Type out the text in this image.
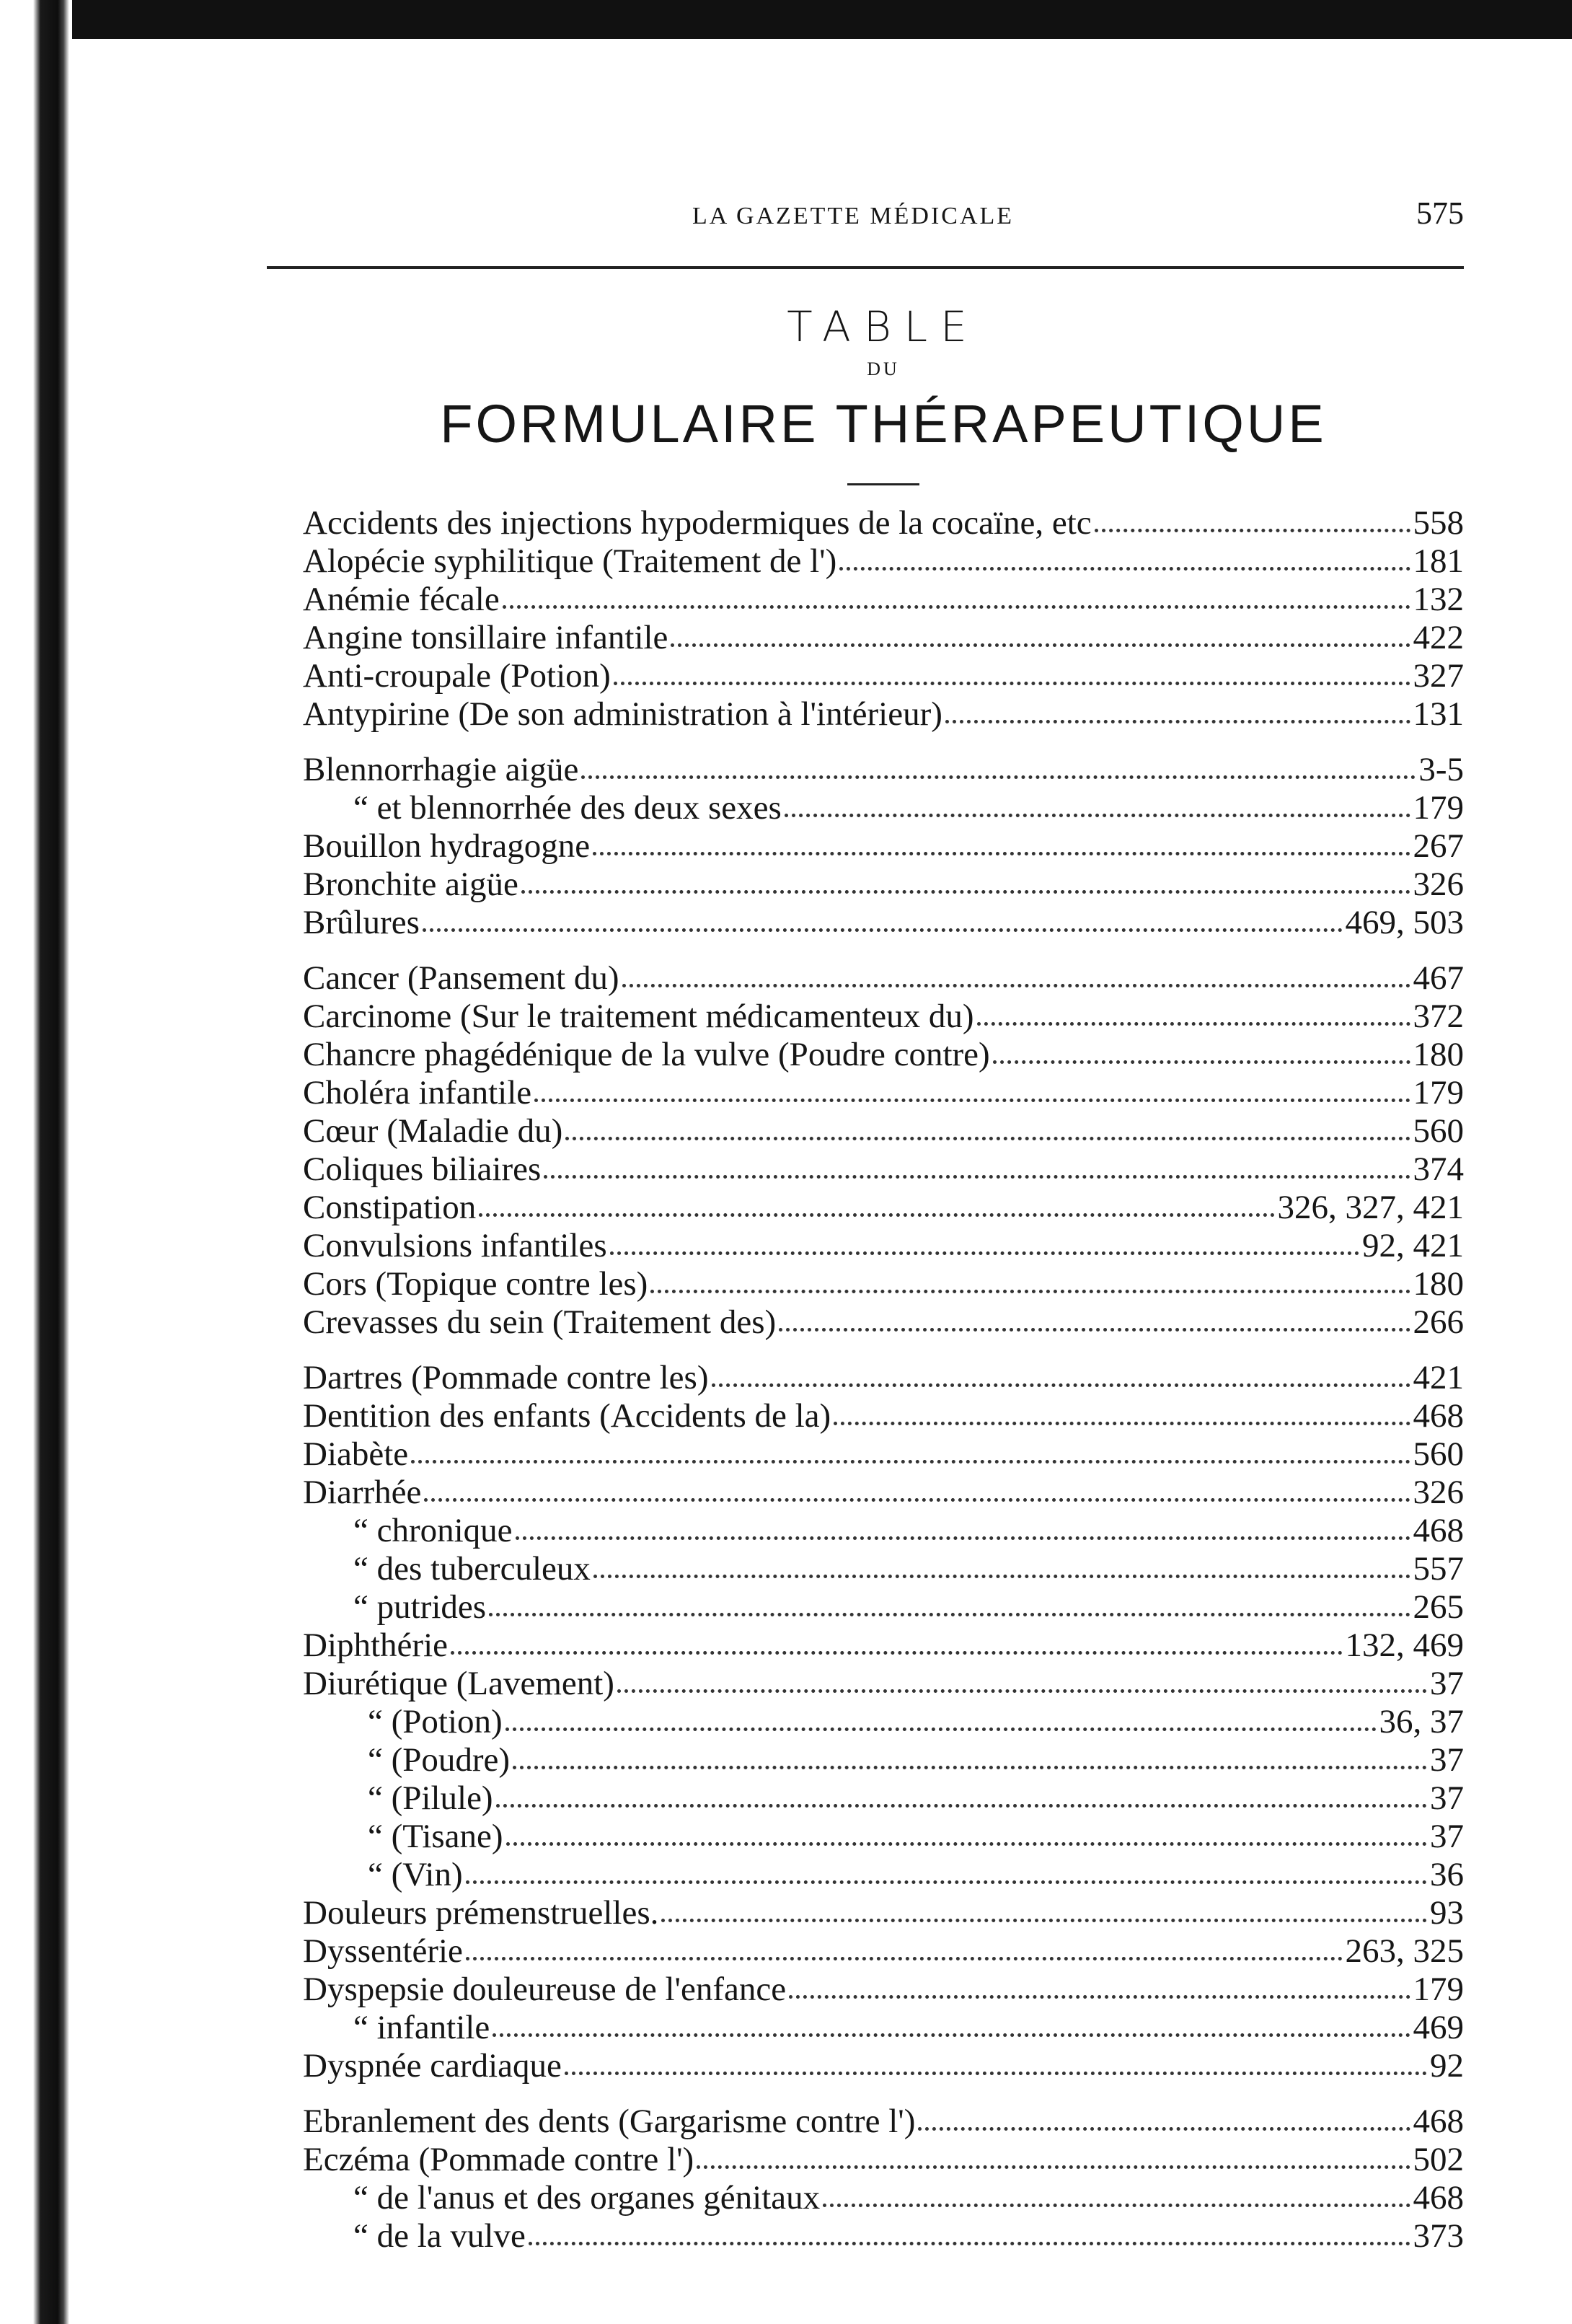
LA GAZETTE MÉDICALE	575
TABLE
DU
FORMULAIRE THÉRAPEUTIQUE
Accidents des injections hypodermiques de la cocaïne, etc	558
Alopécie syphilitique (Traitement de l')	181
Anémie fécale	132
Angine tonsillaire infantile	422
Anti-croupale (Potion)	327
Antypirine (De son administration à l'intérieur)	131
Blennorrhagie aigüe	3-5
“ et blennorrhée des deux sexes	179
Bouillon hydragogne	267
Bronchite aigüe	326
Brûlures	469, 503
Cancer (Pansement du)	467
Carcinome (Sur le traitement médicamenteux du)	372
Chancre phagédénique de la vulve (Poudre contre)	180
Choléra infantile	179
Cœur (Maladie du)	560
Coliques biliaires	374
Constipation	326, 327, 421
Convulsions infantiles	92, 421
Cors (Topique contre les)	180
Crevasses du sein (Traitement des)	266
Dartres (Pommade contre les)	421
Dentition des enfants (Accidents de la)	468
Diabète	560
Diarrhée	326
“ chronique	468
“ des tuberculeux	557
“ putrides	265
Diphthérie	132, 469
Diurétique (Lavement)	37
“ (Potion)	36, 37
“ (Poudre)	37
“ (Pilule)	37
“ (Tisane)	37
“ (Vin)	36
Douleurs prémenstruelles.	93
Dyssentérie	263, 325
Dyspepsie douleureuse de l'enfance	179
“ infantile	469
Dyspnée cardiaque	92
Ebranlement des dents (Gargarisme contre l')	468
Eczéma (Pommade contre l')	502
“ de l'anus et des organes génitaux	468
“ de la vulve	373
